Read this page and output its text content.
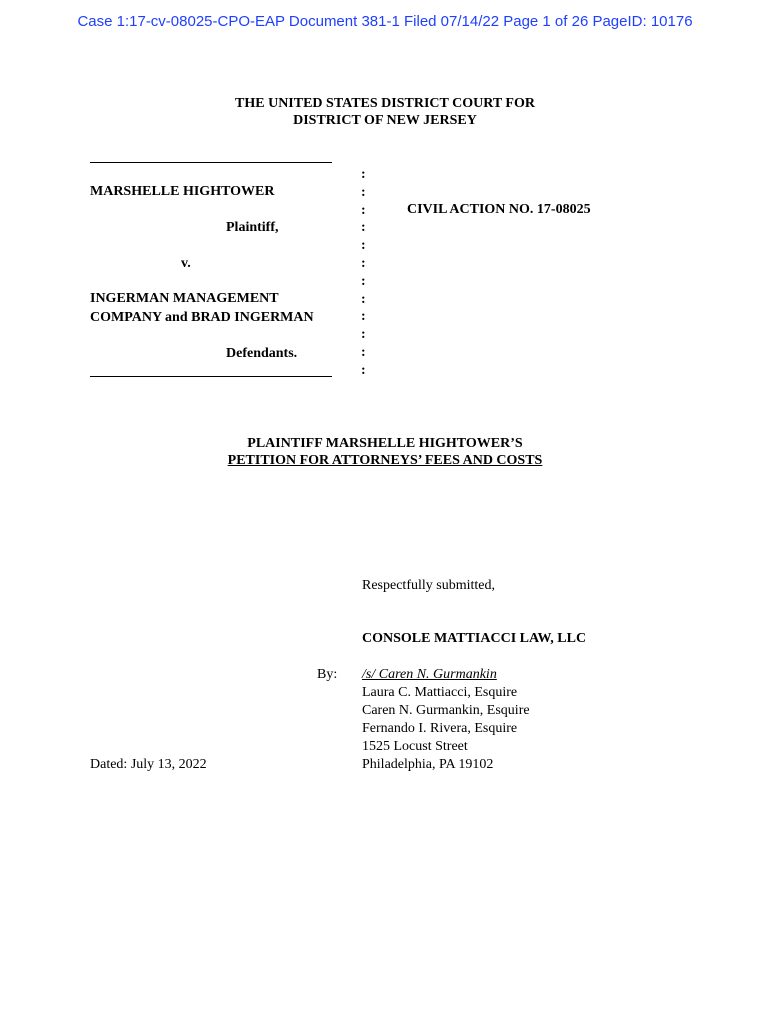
Case 1:17-cv-08025-CPO-EAP Document 381-1 Filed 07/14/22 Page 1 of 26 PageID: 10176
THE UNITED STATES DISTRICT COURT FOR
DISTRICT OF NEW JERSEY
MARSHELLE HIGHTOWER
Plaintiff,
v.
INGERMAN MANAGEMENT
COMPANY and BRAD INGERMAN
Defendants.
:
:
:
:
:
:
:
:
:
:
:
:
CIVIL ACTION NO. 17-08025
PLAINTIFF MARSHELLE HIGHTOWER’S
PETITION FOR ATTORNEYS’ FEES AND COSTS
Respectfully submitted,
CONSOLE MATTIACCI LAW, LLC
By: /s/ Caren N. Gurmankin
Laura C. Mattiacci, Esquire
Caren N. Gurmankin, Esquire
Fernando I. Rivera, Esquire
1525 Locust Street
Philadelphia, PA 19102
Dated: July 13, 2022
